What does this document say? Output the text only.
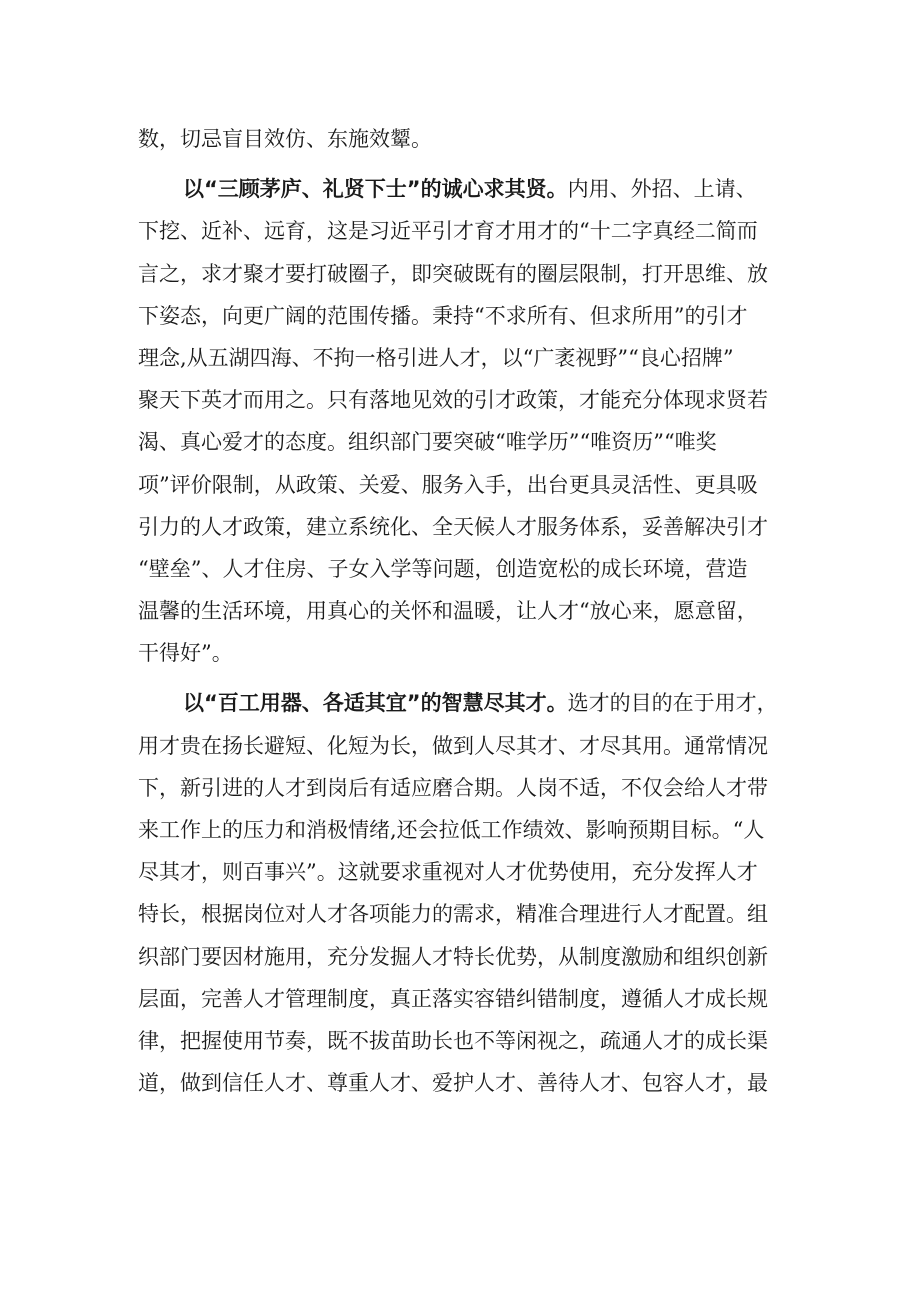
数，切忌盲目效仿、东施效颦。
以“三顾茅庐、礼贤下士”的诚心求其贤。内用、外招、上请、
下挖、近补、远育，这是习近平引才育才用才的“十二字真经二简而
言之，求才聚才要打破圈子，即突破既有的圈层限制，打开思维、放
下姿态，向更广阔的范围传播。秉持“不求所有、但求所用”的引才
理念,从五湖四海、不拘一格引进人才，以“广袤视野”“良心招牌”
聚天下英才而用之。只有落地见效的引才政策，才能充分体现求贤若
渴、真心爱才的态度。组织部门要突破“唯学历”“唯资历”“唯奖
项”评价限制，从政策、关爱、服务入手，出台更具灵活性、更具吸
引力的人才政策，建立系统化、全天候人才服务体系，妥善解决引才
“壁垒”、人才住房、子女入学等问题，创造宽松的成长环境，营造
温馨的生活环境，用真心的关怀和温暖，让人才“放心来，愿意留，
干得好”。
以“百工用器、各适其宜”的智慧尽其才。选才的目的在于用才，
用才贵在扬长避短、化短为长，做到人尽其才、才尽其用。通常情况
下，新引进的人才到岗后有适应磨合期。人岗不适，不仅会给人才带
来工作上的压力和消极情绪,还会拉低工作绩效、影响预期目标。“人
尽其才，则百事兴”。这就要求重视对人才优势使用，充分发挥人才
特长，根据岗位对人才各项能力的需求，精准合理进行人才配置。组
织部门要因材施用，充分发掘人才特长优势，从制度激励和组织创新
层面，完善人才管理制度，真正落实容错纠错制度，遵循人才成长规
律，把握使用节奏，既不拔苗助长也不等闲视之，疏通人才的成长渠
道，做到信任人才、尊重人才、爱护人才、善待人才、包容人才，最
